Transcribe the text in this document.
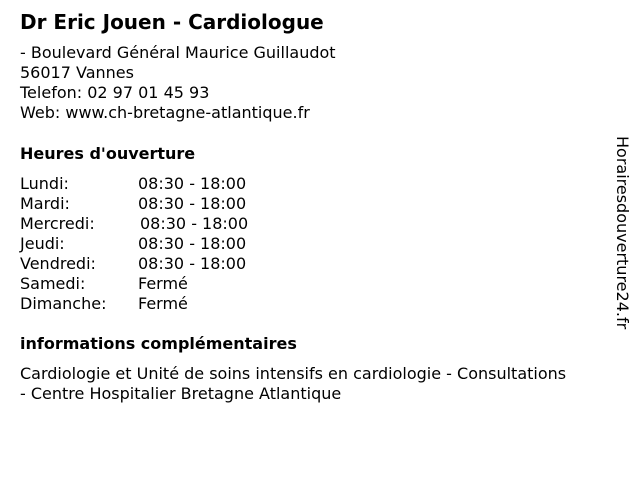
Dr Eric Jouen - Cardiologue
- Boulevard Général Maurice Guillaudot
56017 Vannes
Telefon: 02 97 01 45 93
Web: www.ch-bretagne-atlantique.fr
Heures d'ouverture
Lundi:	08:30 - 18:00
Mardi:	08:30 - 18:00
Mercredi:	08:30 - 18:00
Jeudi:	08:30 - 18:00
Vendredi:	08:30 - 18:00
Samedi:	Fermé
Dimanche: Fermé
informations complémentaires
Cardiologie et Unité de soins intensifs en cardiologie - Consultations
- Centre Hospitalier Bretagne Atlantique
Horairesdouverture24.fr
